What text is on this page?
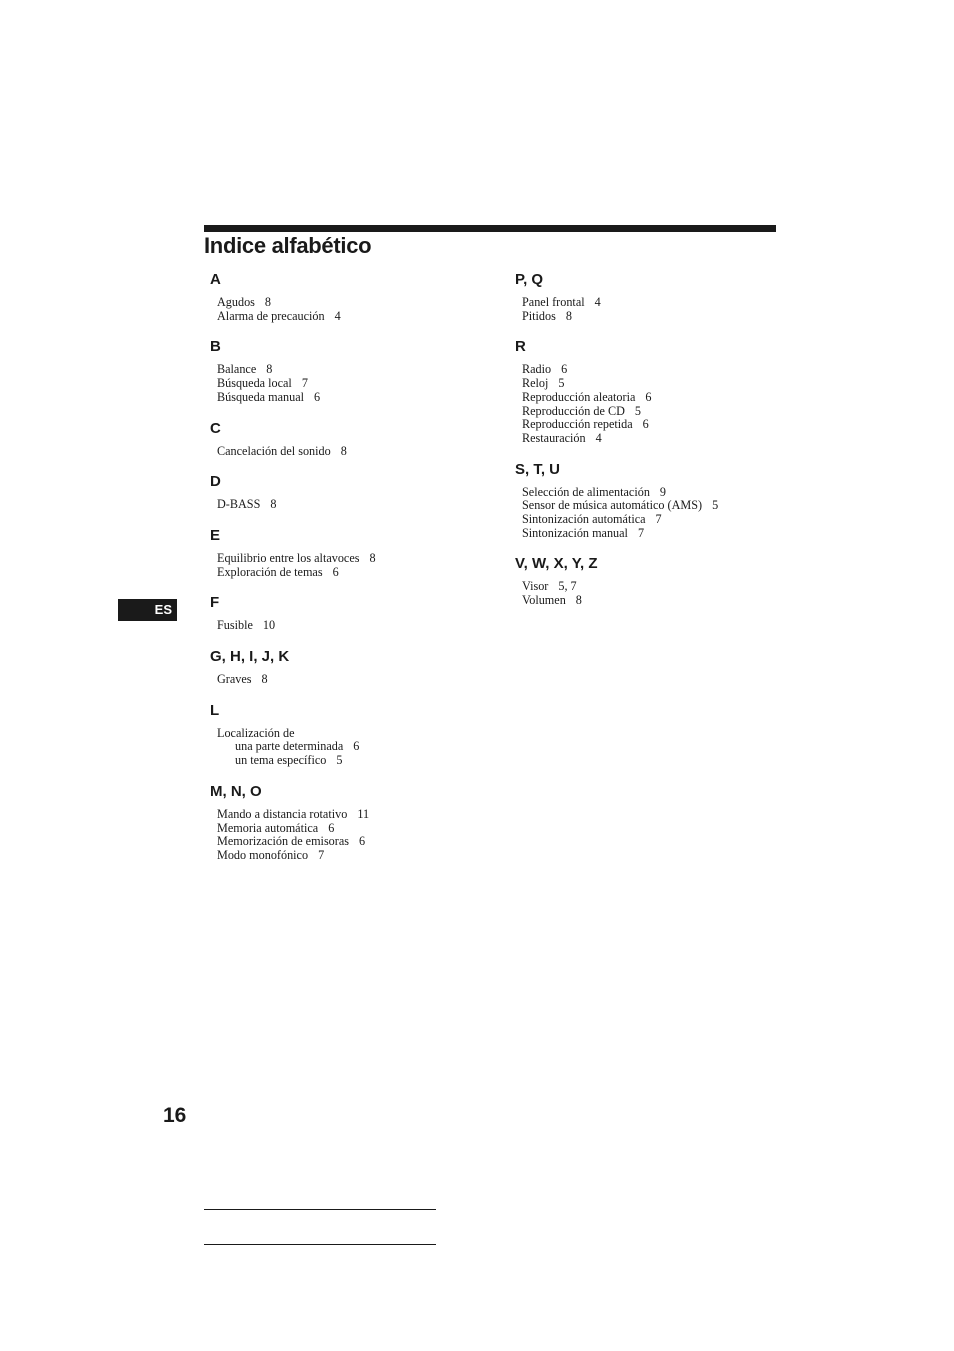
Indice alfabético
A
Agudos 8
Alarma de precaución 4
B
Balance 8
Búsqueda local 7
Búsqueda manual 6
C
Cancelación del sonido 8
D
D-BASS 8
E
Equilibrio entre los altavoces 8
Exploración de temas 6
F
Fusible 10
G, H, I, J, K
Graves 8
L
Localización de
una parte determinada 6
un tema específico 5
M, N, O
Mando a distancia rotativo 11
Memoria automática 6
Memorización de emisoras 6
Modo monofónico 7
P, Q
Panel frontal 4
Pitidos 8
R
Radio 6
Reloj 5
Reproducción aleatoria 6
Reproducción de CD 5
Reproducción repetida 6
Restauración 4
S, T, U
Selección de alimentación 9
Sensor de música automático (AMS) 5
Sintonización automática 7
Sintonización manual 7
V, W, X, Y, Z
Visor 5, 7
Volumen 8
ES
16
